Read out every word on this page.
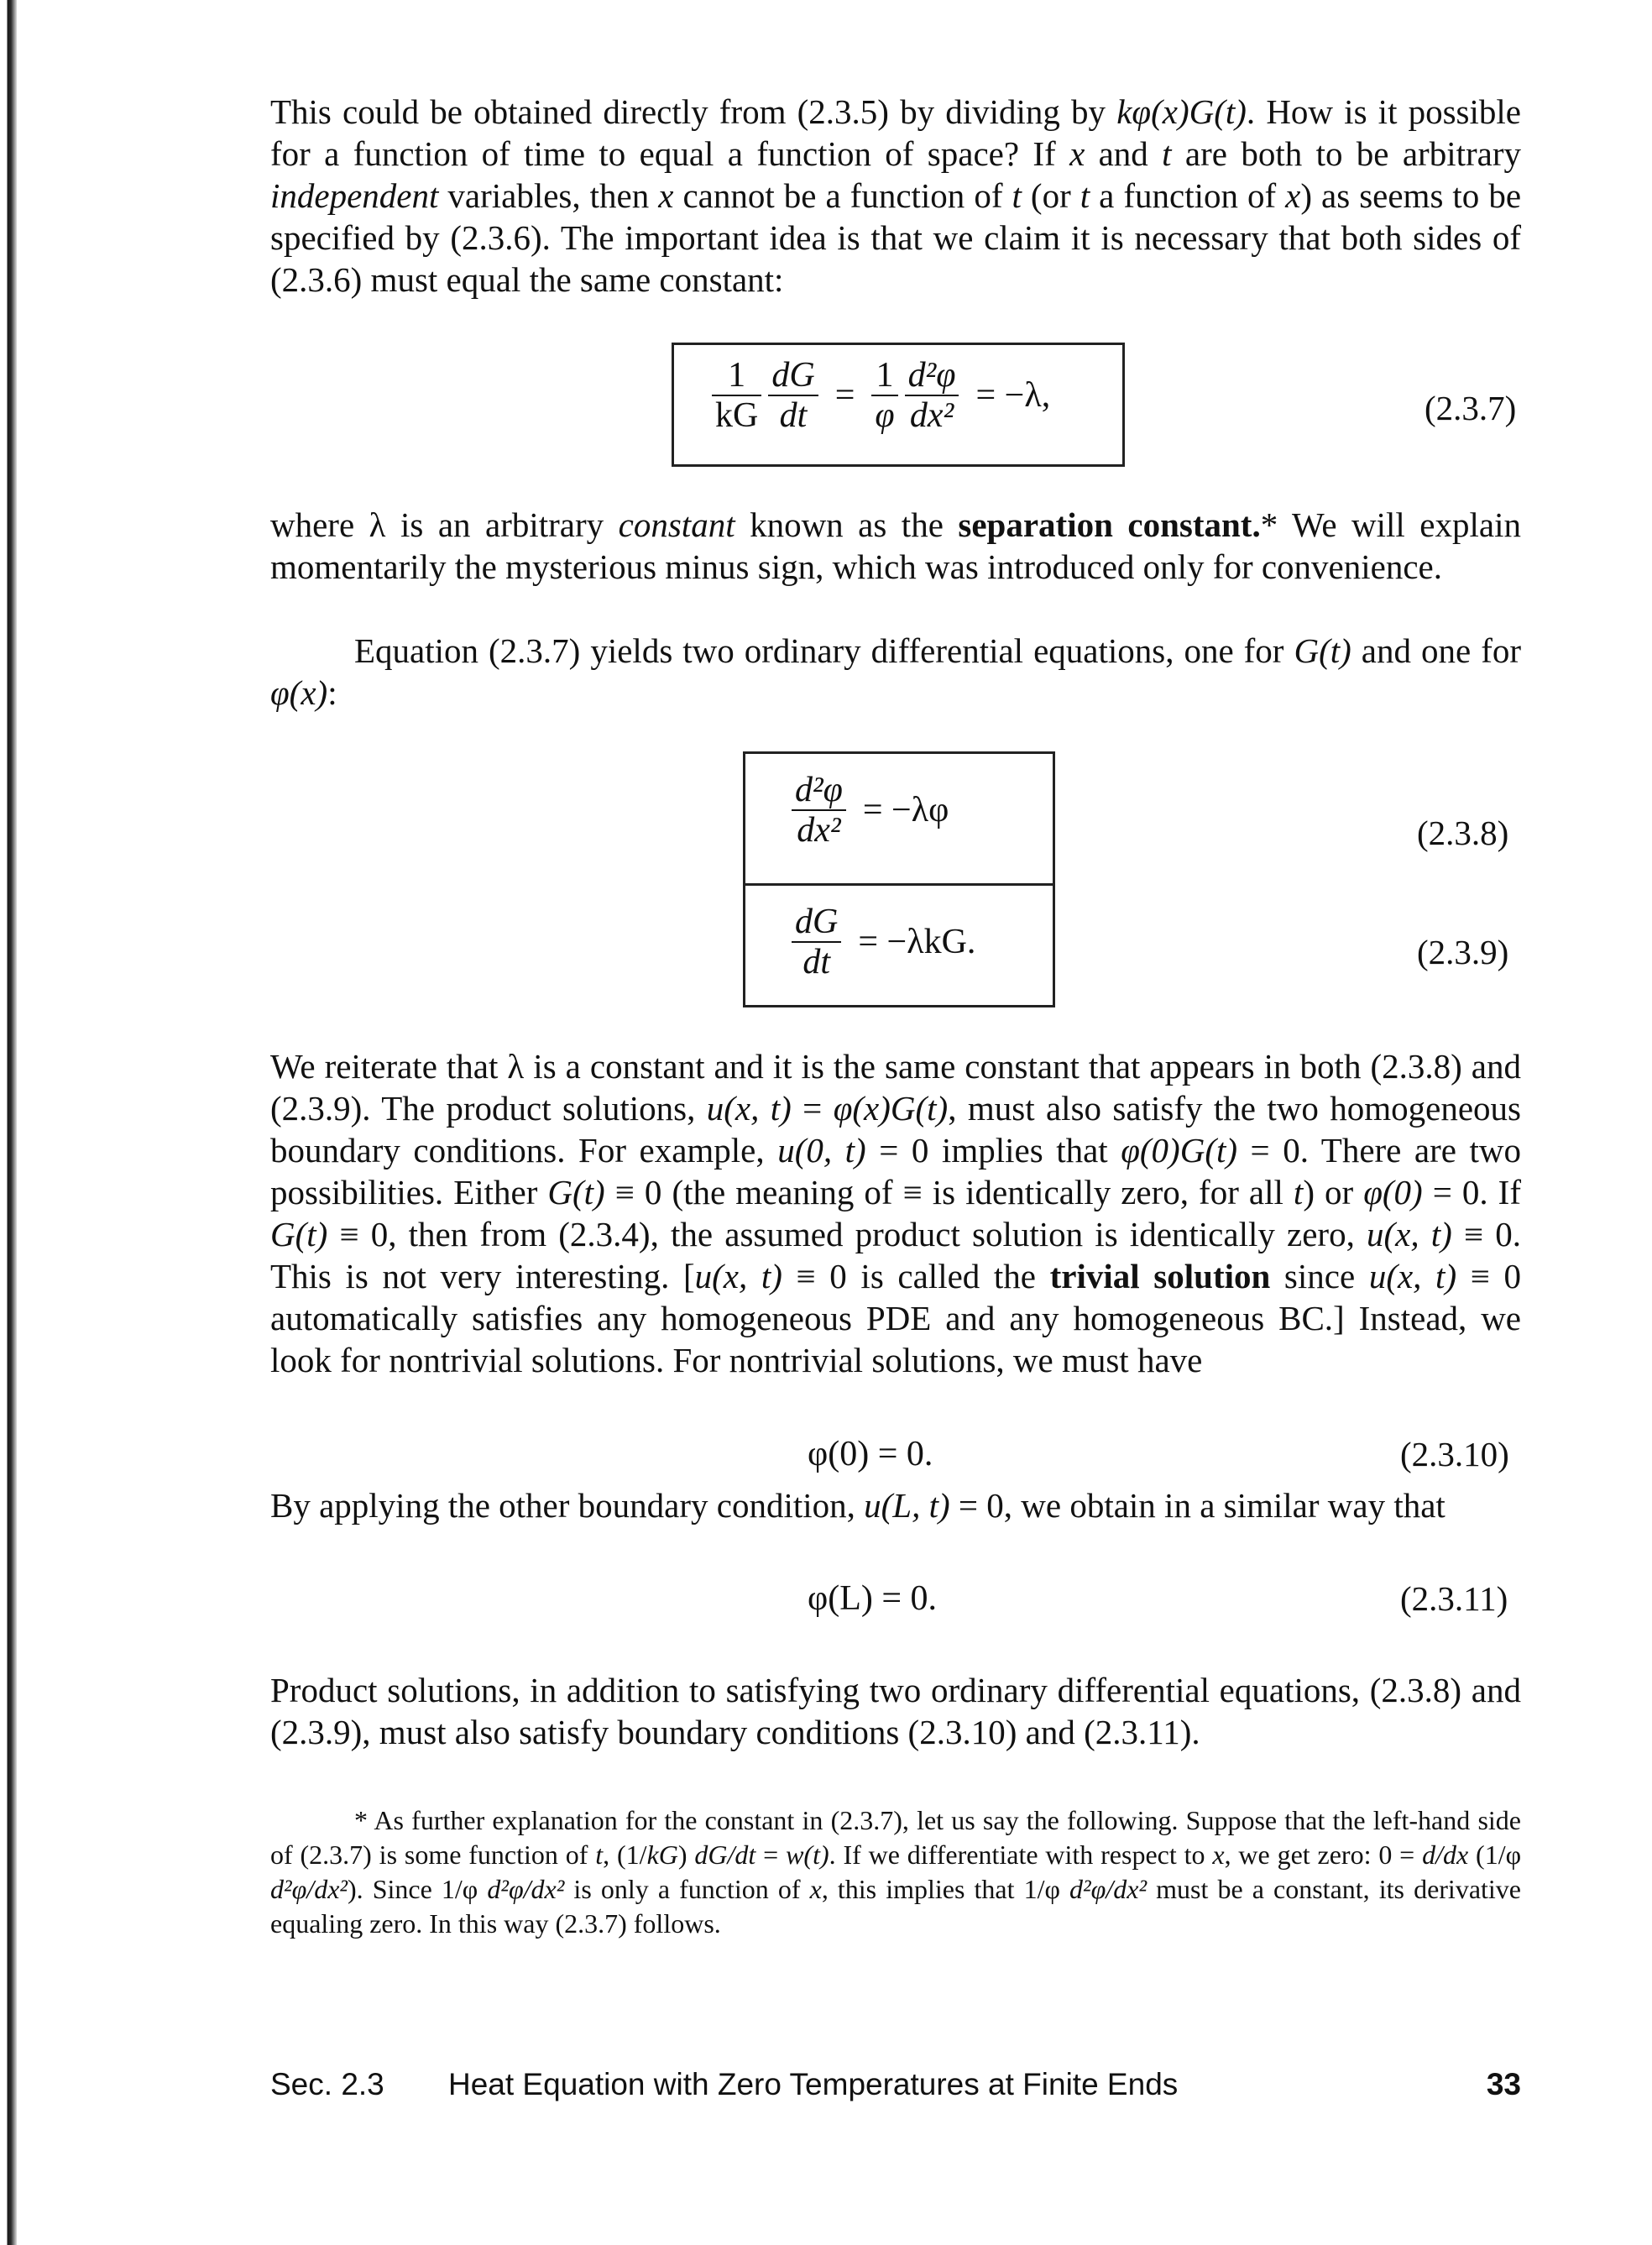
This could be obtained directly from (2.3.5) by dividing by kφ(x)G(t). How is it possible for a function of time to equal a function of space? If x and t are both to be arbitrary independent variables, then x cannot be a function of t (or t a function of x) as seems to be specified by (2.3.6). The important idea is that we claim it is necessary that both sides of (2.3.6) must equal the same constant:

$\frac{1}{kG} \frac{dG}{dt} = \frac{1}{\varphi} \frac{\text{d²φ}}{\text{dx²}} = -\lambda$,	(2.3.7)

where λ is an arbitrary constant known as the separation constant.* We will explain momentarily the mysterious minus sign, which was introduced only for convenience.

Equation (2.3.7) yields two ordinary differential equations, one for G(t) and one for φ(x):

$\frac{\text{d²φ}}{\text{dx²}} = -\lambda\varphi$
(2.3.8)
$\frac{dG}{dt} = -\lambda kG$.	(2.3.9)

We reiterate that λ is a constant and it is the same constant that appears in both (2.3.8) and (2.3.9). The product solutions, u(x, t) = φ(x)G(t), must also satisfy the two homogeneous boundary conditions. For example, u(0, t) = 0 implies that φ(0)G(t) = 0. There are two possibilities. Either G(t) ≡ 0 (the meaning of ≡ is identically zero, for all t) or φ(0) = 0. If G(t) ≡ 0, then from (2.3.4), the assumed product solution is identically zero, u(x, t) ≡ 0. This is not very interesting. [u(x, t) ≡ 0 is called the trivial solution since u(x, t) ≡ 0 automatically satisfies any homogeneous PDE and any homogeneous BC.] Instead, we look for nontrivial solutions. For nontrivial solutions, we must have

φ(0) = 0.	(2.3.10)

By applying the other boundary condition, u(L, t) = 0, we obtain in a similar way that

φ(L) = 0.	(2.3.11)

Product solutions, in addition to satisfying two ordinary differential equations, (2.3.8) and (2.3.9), must also satisfy boundary conditions (2.3.10) and (2.3.11).

* As further explanation for the constant in (2.3.7), let us say the following. Suppose that the left-hand side of (2.3.7) is some function of t, (1/kG) dG/dt = w(t). If we differentiate with respect to x, we get zero: 0 = d/dx (1/φ d²φ/dx²). Since 1/φ d²φ/dx² is only a function of x, this implies that 1/φ d²φ/dx² must be a constant, its derivative equaling zero. In this way (2.3.7) follows.

Sec. 2.3 Heat Equation with Zero Temperatures at Finite Ends	33
